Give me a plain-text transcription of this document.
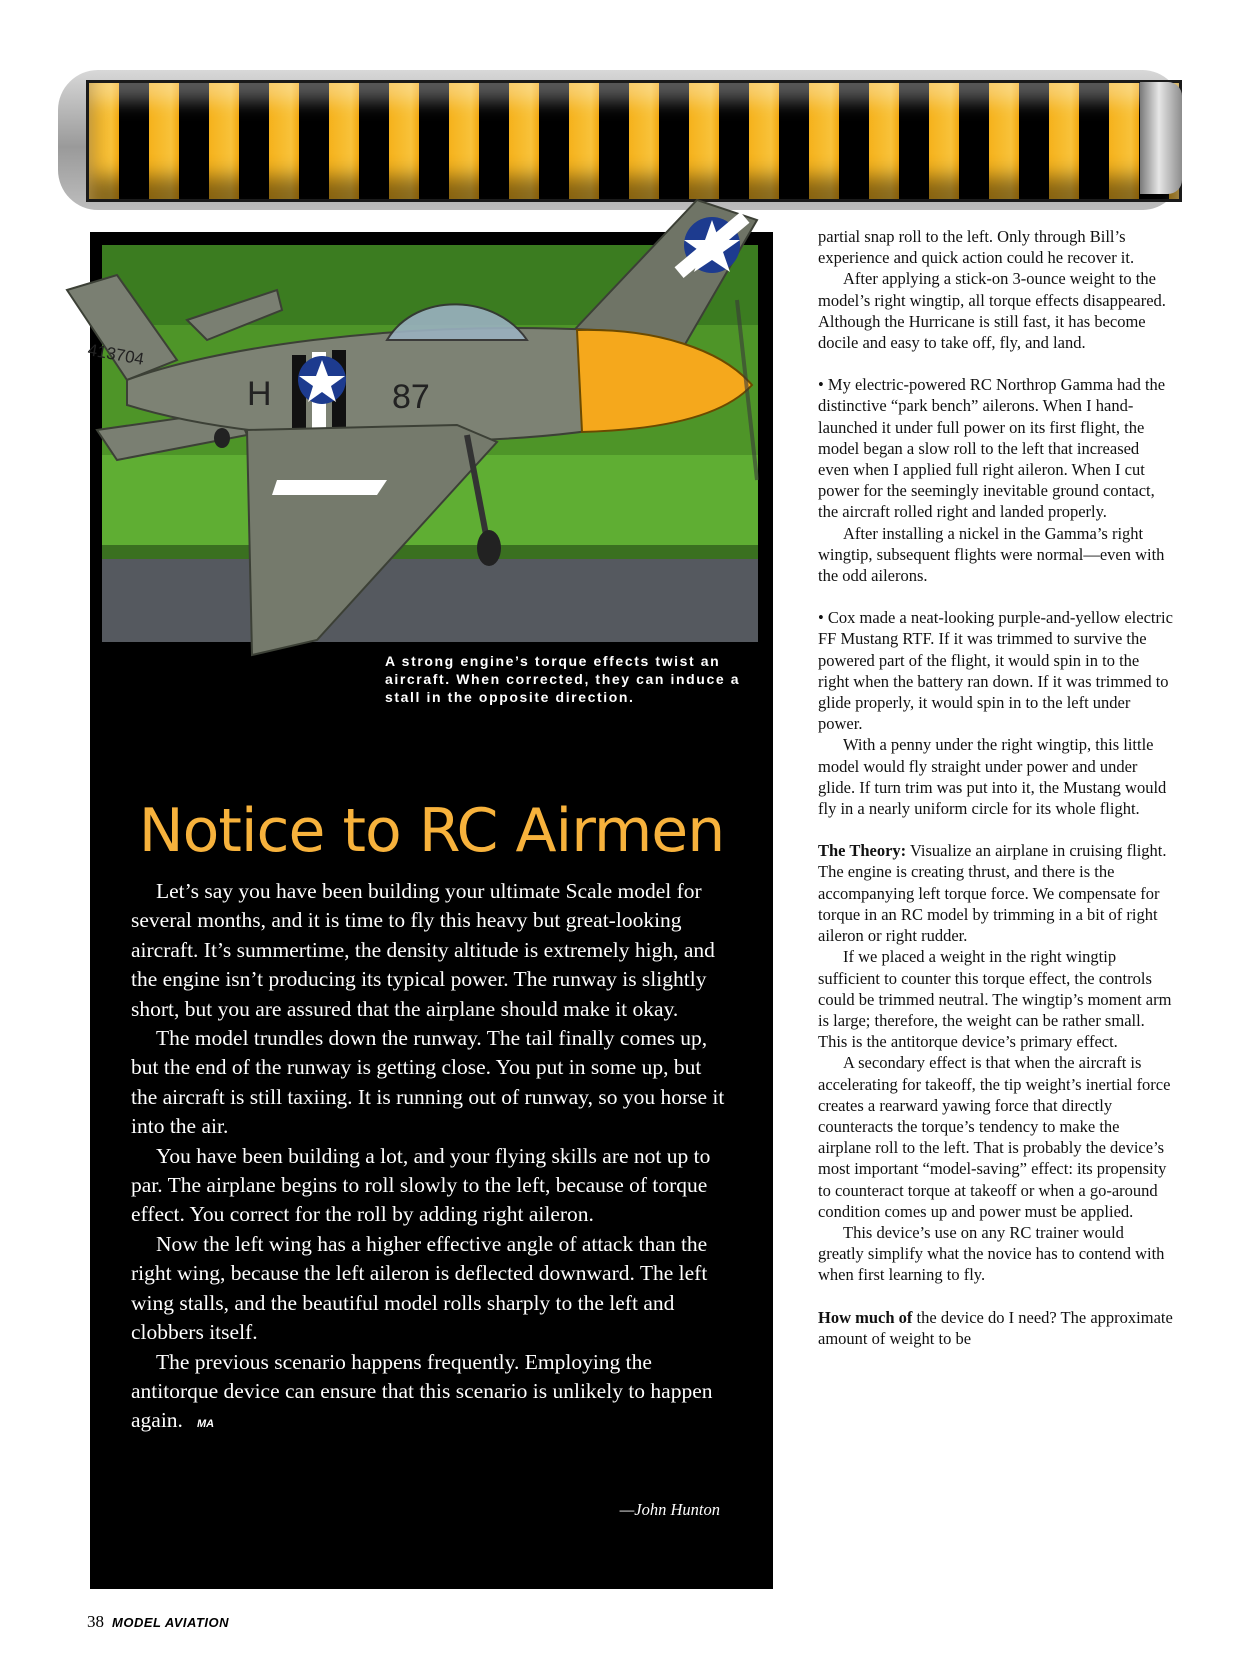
413704
H	87
A strong engine’s torque effects twist an aircraft. When corrected, they can induce a stall in the opposite direction.
Notice to RC Airmen

Let’s say you have been building your ultimate Scale model for several months, and it is time to fly this heavy but great-looking aircraft. It’s summertime, the density altitude is extremely high, and the engine isn’t producing its typical power. The runway is slightly short, but you are assured that the airplane should make it okay.

The model trundles down the runway. The tail finally comes up, but the end of the runway is getting close. You put in some up, but the aircraft is still taxiing. It is running out of runway, so you horse it into the air.

You have been building a lot, and your flying skills are not up to par. The airplane begins to roll slowly to the left, because of torque effect. You correct for the roll by adding right aileron.

Now the left wing has a higher effective angle of attack than the right wing, because the left aileron is deflected downward. The left wing stalls, and the beautiful model rolls sharply to the left and clobbers itself.

The previous scenario happens frequently. Employing the antitorque device can ensure that this scenario is unlikely to happen again. MA

—John Hunton

partial snap roll to the left. Only through Bill’s experience and quick action could he recover it.

After applying a stick-on 3-ounce weight to the model’s right wingtip, all torque effects disappeared. Although the Hurricane is still fast, it has become docile and easy to take off, fly, and land.

• My electric-powered RC Northrop Gamma had the distinctive “park bench” ailerons. When I hand-launched it under full power on its first flight, the model began a slow roll to the left that increased even when I applied full right aileron. When I cut power for the seemingly inevitable ground contact, the aircraft rolled right and landed properly.

After installing a nickel in the Gamma’s right wingtip, subsequent flights were normal—even with the odd ailerons.

• Cox made a neat-looking purple-and-yellow electric FF Mustang RTF. If it was trimmed to survive the powered part of the flight, it would spin in to the right when the battery ran down. If it was trimmed to glide properly, it would spin in to the left under power.

With a penny under the right wingtip, this little model would fly straight under power and under glide. If turn trim was put into it, the Mustang would fly in a nearly uniform circle for its whole flight.

The Theory: Visualize an airplane in cruising flight. The engine is creating thrust, and there is the accompanying left torque force. We compensate for torque in an RC model by trimming in a bit of right aileron or right rudder.

If we placed a weight in the right wingtip sufficient to counter this torque effect, the controls could be trimmed neutral. The wingtip’s moment arm is large; therefore, the weight can be rather small. This is the antitorque device’s primary effect.

A secondary effect is that when the aircraft is accelerating for takeoff, the tip weight’s inertial force creates a rearward yawing force that directly counteracts the torque’s tendency to make the airplane roll to the left. That is probably the device’s most important “model-saving” effect: its propensity to counteract torque at takeoff or when a go-around condition comes up and power must be applied.

This device’s use on any RC trainer would greatly simplify what the novice has to contend with when first learning to fly.

How much of the device do I need? The approximate amount of weight to be

38 MODEL AVIATION
